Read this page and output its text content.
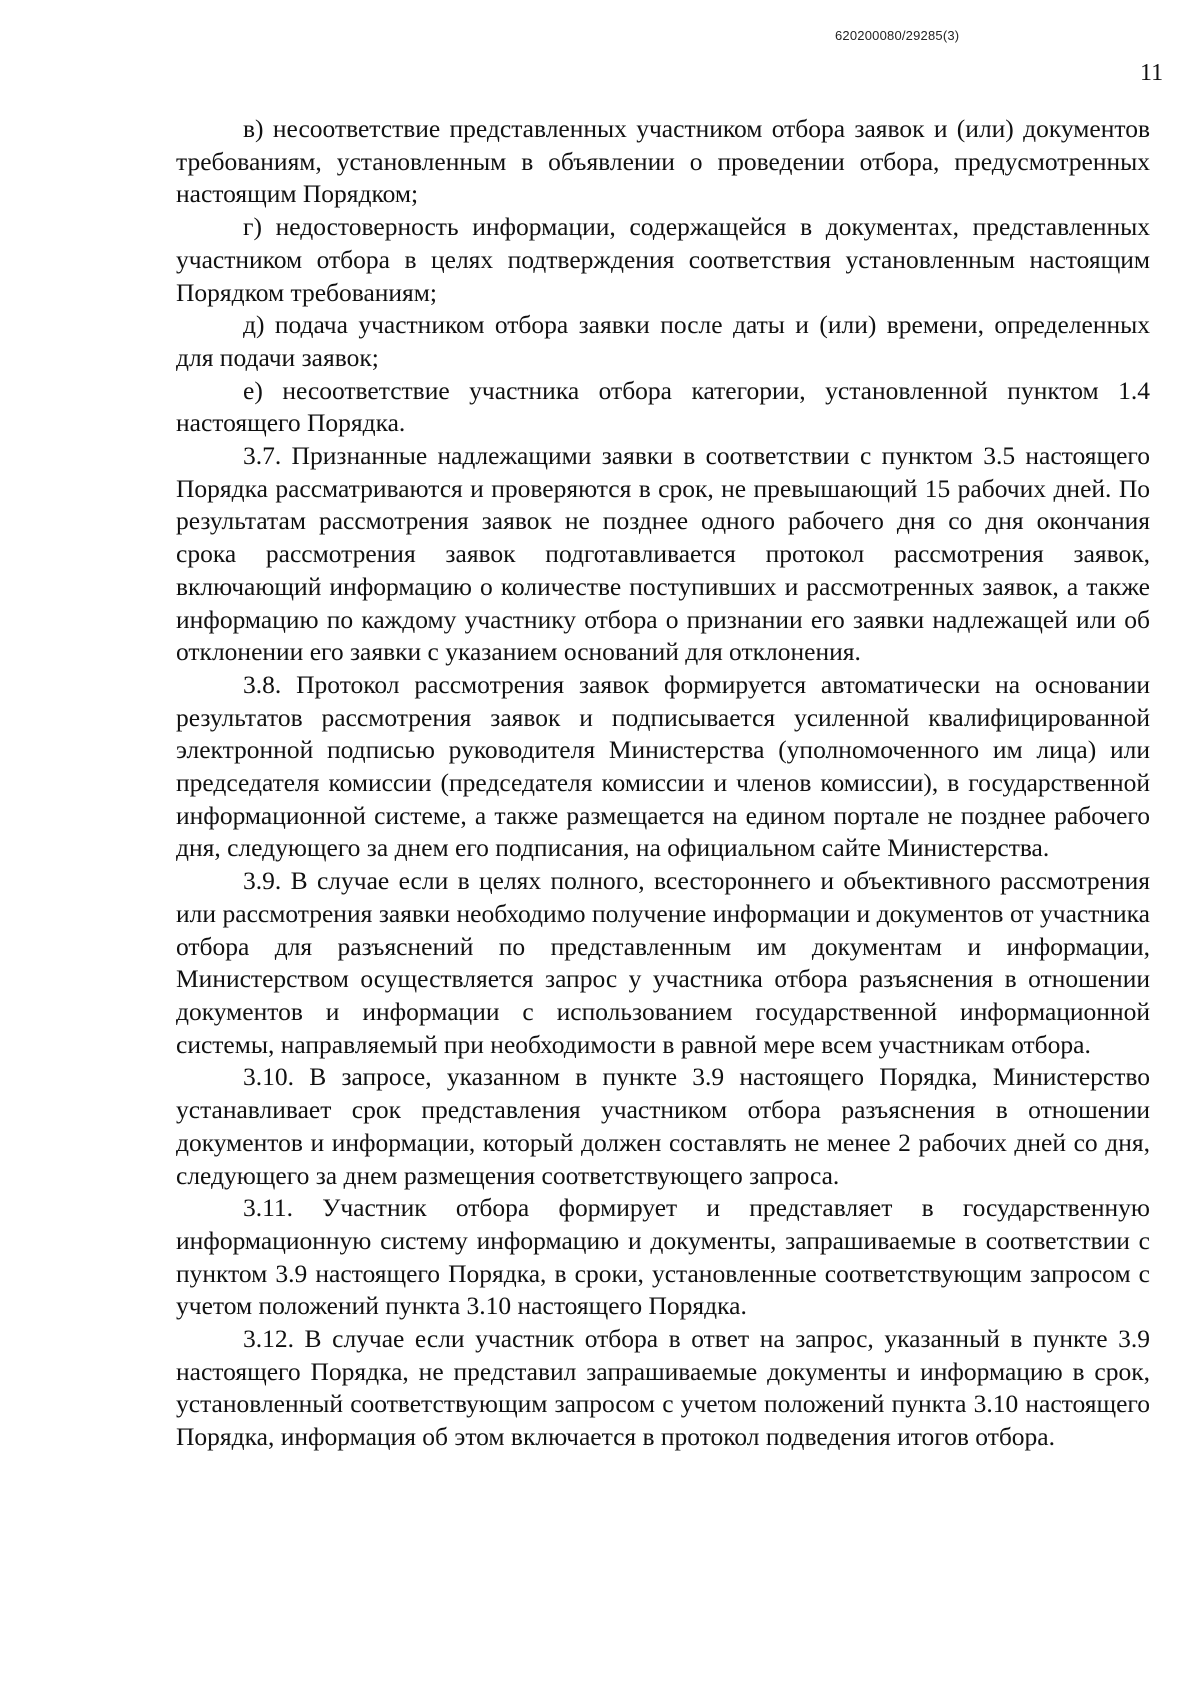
620200080/29285(3)
11

в) несоответствие представленных участником отбора заявок и (или) документов требованиям, установленным в объявлении о проведении отбора, предусмотренных настоящим Порядком;

г) недостоверность информации, содержащейся в документах, представленных участником отбора в целях подтверждения соответствия установленным настоящим Порядком требованиям;

д) подача участником отбора заявки после даты и (или) времени, определенных для подачи заявок;

е) несоответствие участника отбора категории, установленной пунктом 1.4 настоящего Порядка.

3.7. Признанные надлежащими заявки в соответствии с пунктом 3.5 настоящего Порядка рассматриваются и проверяются в срок, не превышающий 15 рабочих дней. По результатам рассмотрения заявок не позднее одного рабочего дня со дня окончания срока рассмотрения заявок подготавливается протокол рассмотрения заявок, включающий информацию о количестве поступивших и рассмотренных заявок, а также информацию по каждому участнику отбора о признании его заявки надлежащей или об отклонении его заявки с указанием оснований для отклонения.

3.8. Протокол рассмотрения заявок формируется автоматически на основании результатов рассмотрения заявок и подписывается усиленной квалифицированной электронной подписью руководителя Министерства (уполномоченного им лица) или председателя комиссии (председателя комиссии и членов комиссии), в государственной информационной системе, а также размещается на едином портале не позднее рабочего дня, следующего за днем его подписания, на официальном сайте Министерства.

3.9. В случае если в целях полного, всестороннего и объективного рассмотрения или рассмотрения заявки необходимо получение информации и документов от участника отбора для разъяснений по представленным им документам и информации, Министерством осуществляется запрос у участника отбора разъяснения в отношении документов и информации с использованием государственной информационной системы, направляемый при необходимости в равной мере всем участникам отбора.

3.10. В запросе, указанном в пункте 3.9 настоящего Порядка, Министерство устанавливает срок представления участником отбора разъяснения в отношении документов и информации, который должен составлять не менее 2 рабочих дней со дня, следующего за днем размещения соответствующего запроса.

3.11. Участник отбора формирует и представляет в государственную информационную систему информацию и документы, запрашиваемые в соответствии с пунктом 3.9 настоящего Порядка, в сроки, установленные соответствующим запросом с учетом положений пункта 3.10 настоящего Порядка.

3.12. В случае если участник отбора в ответ на запрос, указанный в пункте 3.9 настоящего Порядка, не представил запрашиваемые документы и информацию в срок, установленный соответствующим запросом с учетом положений пункта 3.10 настоящего Порядка, информация об этом включается в протокол подведения итогов отбора.
